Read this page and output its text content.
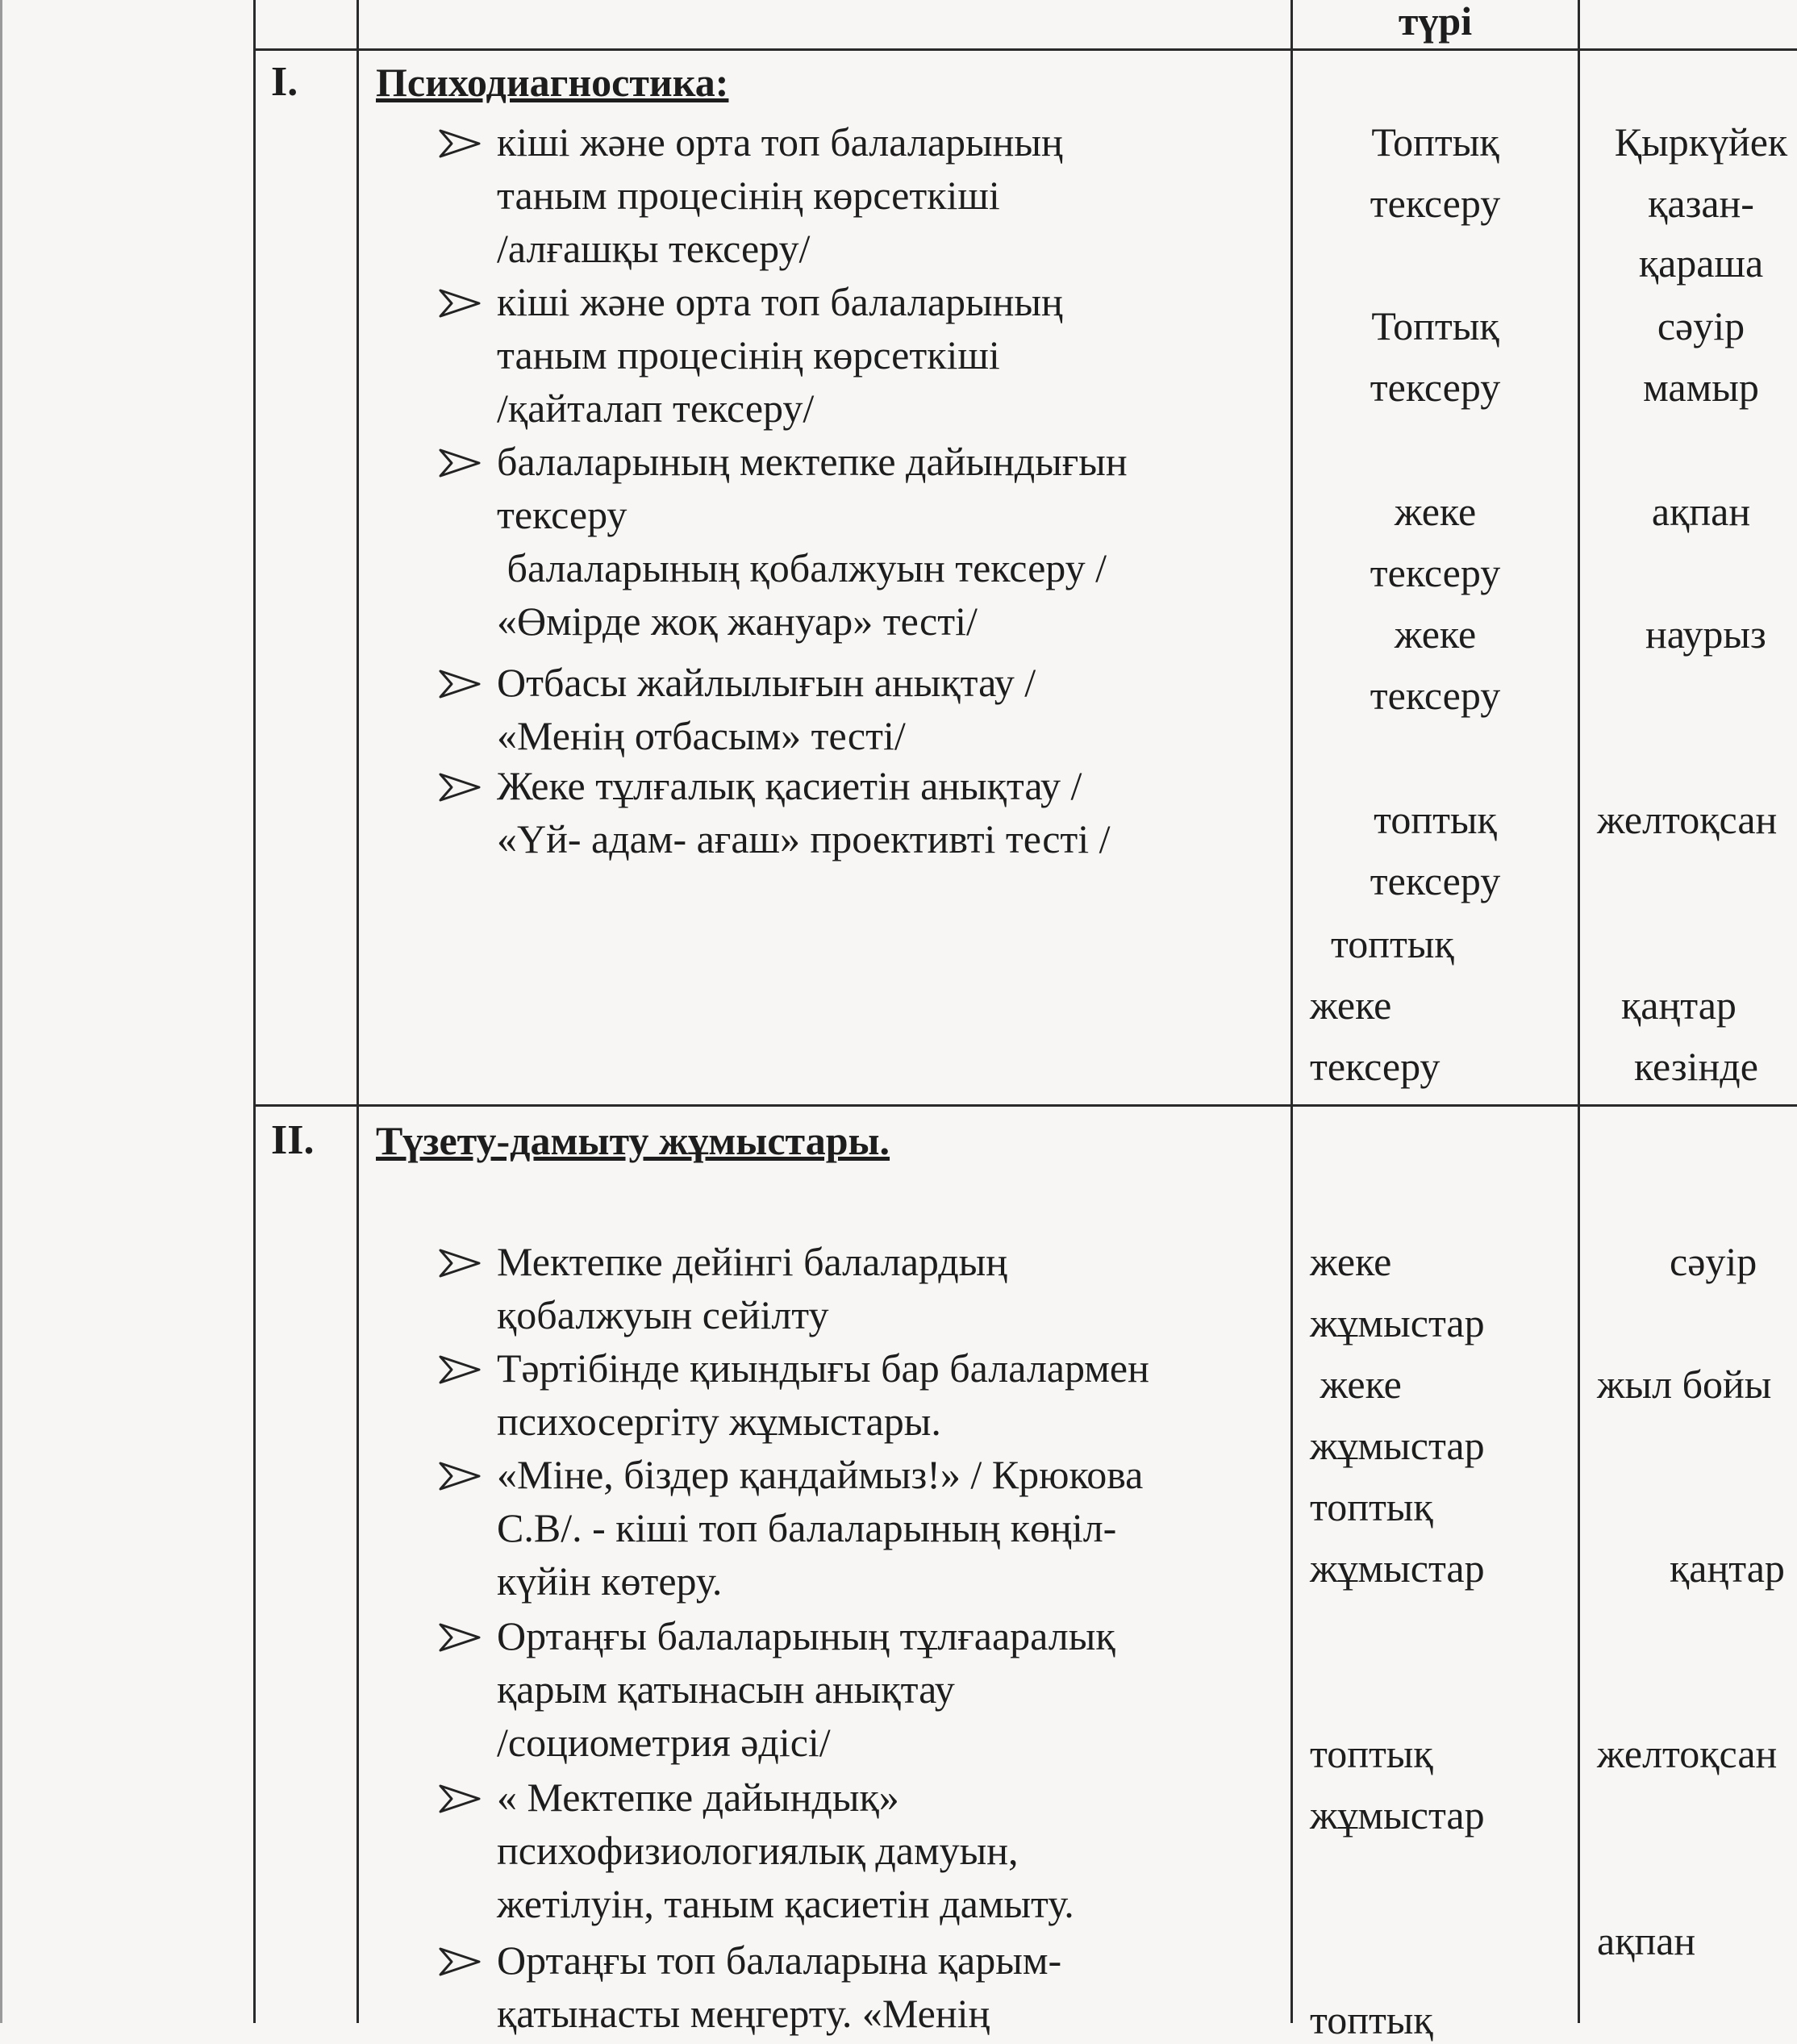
түрі
I. Психодиагностика:
кіші және орта топ балаларының
таным процесінің көрсеткіші
/алғашқы тексеру/
кіші және орта топ балаларының
таным процесінің көрсеткіші
/қайталап тексеру/
балаларының мектепке дайындығын
тексеру
балаларының қобалжуын тексеру /
«Өмірде жоқ жануар» тесті/
Отбасы жайлылығын анықтау /
«Менің отбасым» тесті/
Жеке тұлғалық қасиетін анықтау /
«Үй- адам- ағаш» проективті тесті /
Топтық
тексеру
Топтық
тексеру
жеке
тексеру
жеке
тексеру
топтық
тексеру
топтық
жеке
тексеру
Қыркүйек
қазан-
қараша
сәуір
мамыр
ақпан
наурыз
желтоқсан
қаңтар
кезінде
II. Түзету-дамыту жұмыстары.
Мектепке дейінгі балалардың
қобалжуын сейілту
Тәртібінде қиындығы бар балалармен
психосергіту жұмыстары.
«Міне, біздер қандаймыз!» / Крюкова
С.В/. - кіші топ балаларының көңіл-
күйін көтеру.
Ортаңғы балаларының тұлғааралық
қарым қатынасын анықтау
/социометрия әдісі/
« Мектепке дайындық»
психофизиологиялық дамуын,
жетілуін, таным қасиетін дамыту.
Ортаңғы топ балаларына қарым-
қатынасты меңгерту. «Менің
жеке
жұмыстар
жеке
жұмыстар
топтық
жұмыстар
топтық
жұмыстар
топтық
сәуір
жыл бойы
қаңтар
желтоқсан
ақпан
